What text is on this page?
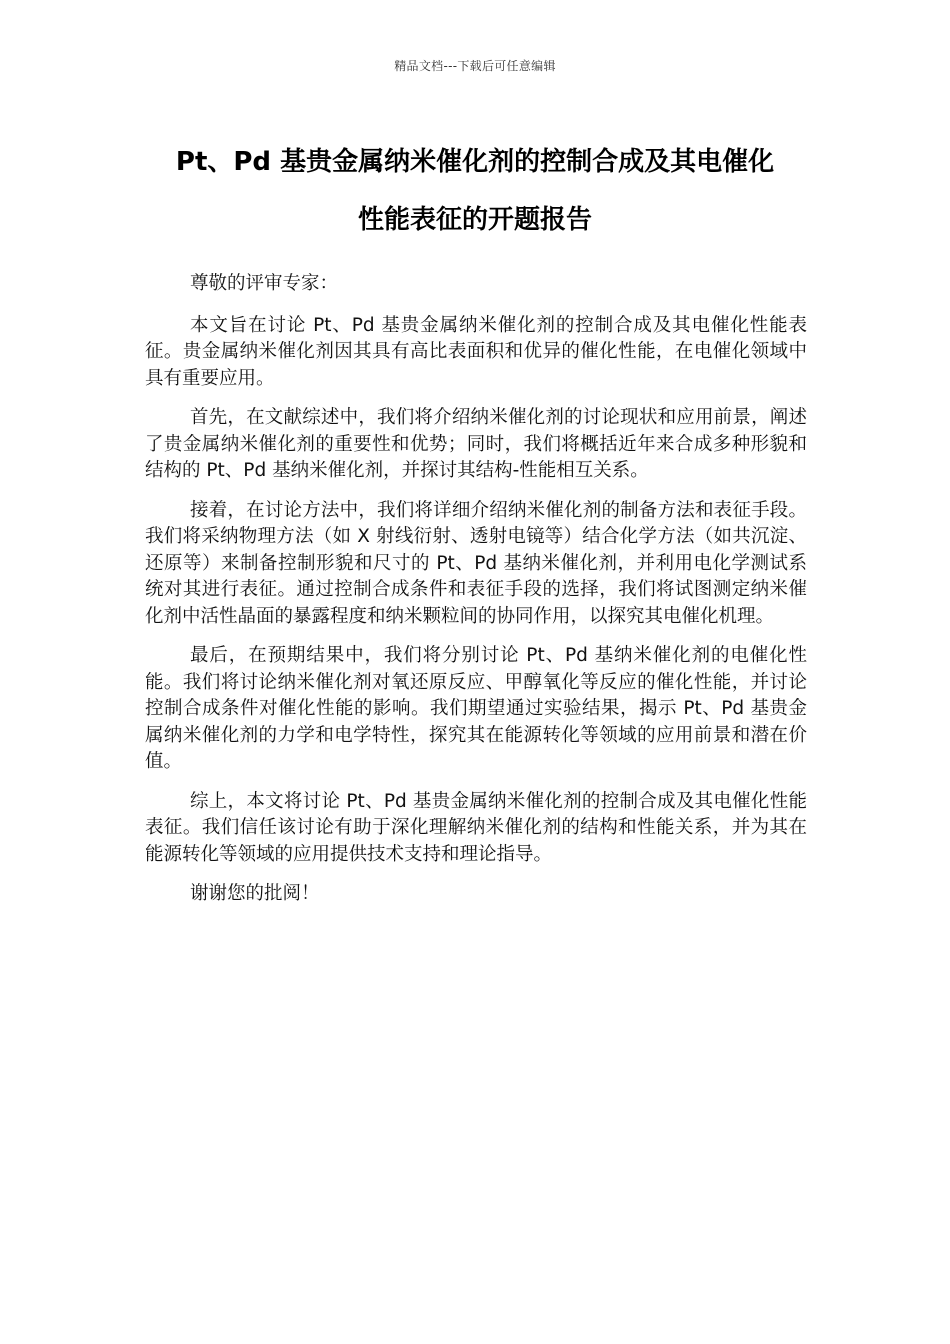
精品文档---下载后可任意编辑
Pt、Pd 基贵金属纳米催化剂的控制合成及其电催化
性能表征的开题报告

尊敬的评审专家：

本文旨在讨论 Pt、Pd 基贵金属纳米催化剂的控制合成及其电催化性能表征。贵金属纳米催化剂因其具有高比表面积和优异的催化性能，在电催化领域中具有重要应用。

首先，在文献综述中，我们将介绍纳米催化剂的讨论现状和应用前景，阐述了贵金属纳米催化剂的重要性和优势；同时，我们将概括近年来合成多种形貌和结构的 Pt、Pd 基纳米催化剂，并探讨其结构-性能相互关系。

接着，在讨论方法中，我们将详细介绍纳米催化剂的制备方法和表征手段。我们将采纳物理方法（如 X 射线衍射、透射电镜等）结合化学方法（如共沉淀、还原等）来制备控制形貌和尺寸的 Pt、Pd 基纳米催化剂，并利用电化学测试系统对其进行表征。通过控制合成条件和表征手段的选择，我们将试图测定纳米催化剂中活性晶面的暴露程度和纳米颗粒间的协同作用，以探究其电催化机理。

最后，在预期结果中，我们将分别讨论 Pt、Pd 基纳米催化剂的电催化性能。我们将讨论纳米催化剂对氧还原反应、甲醇氧化等反应的催化性能，并讨论控制合成条件对催化性能的影响。我们期望通过实验结果，揭示 Pt、Pd 基贵金属纳米催化剂的力学和电学特性，探究其在能源转化等领域的应用前景和潜在价值。

综上，本文将讨论 Pt、Pd 基贵金属纳米催化剂的控制合成及其电催化性能表征。我们信任该讨论有助于深化理解纳米催化剂的结构和性能关系，并为其在能源转化等领域的应用提供技术支持和理论指导。

谢谢您的批阅！
